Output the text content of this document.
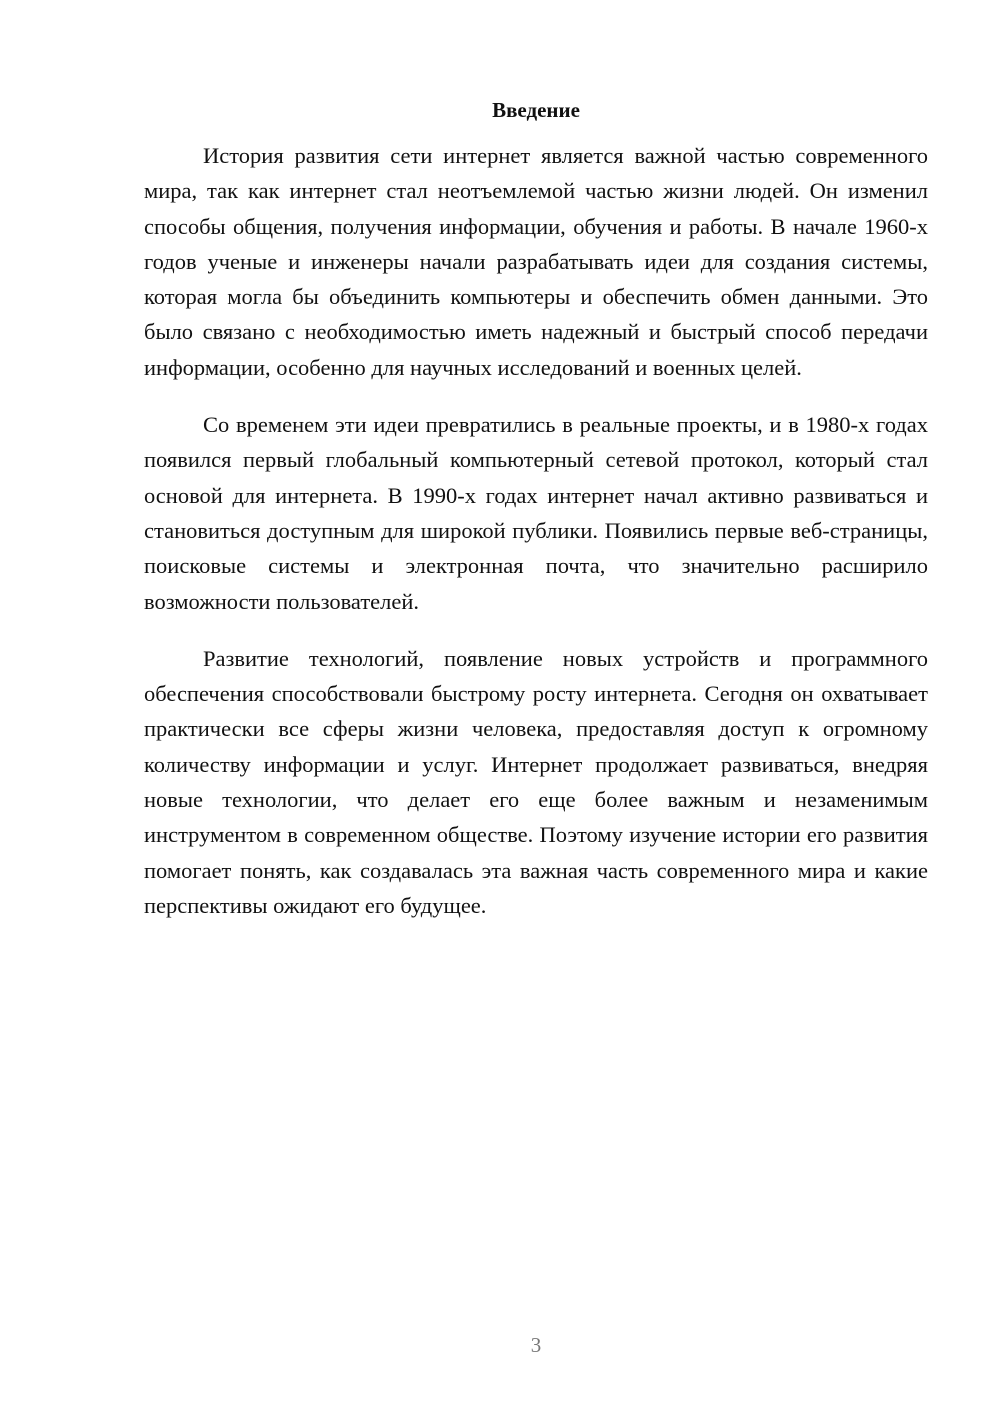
Введение

История развития сети интернет является важной частью современного мира, так как интернет стал неотъемлемой частью жизни людей. Он изменил способы общения, получения информации, обучения и работы. В начале 1960-х годов ученые и инженеры начали разрабатывать идеи для создания системы, которая могла бы объединить компьютеры и обеспечить обмен данными. Это было связано с необходимостью иметь надежный и быстрый способ передачи информации, особенно для научных исследований и военных целей.

Со временем эти идеи превратились в реальные проекты, и в 1980-х годах появился первый глобальный компьютерный сетевой протокол, который стал основой для интернета. В 1990-х годах интернет начал активно развиваться и становиться доступным для широкой публики. Появились первые веб-страницы, поисковые системы и электронная почта, что значительно расширило возможности пользователей.

Развитие технологий, появление новых устройств и программного обеспечения способствовали быстрому росту интернета. Сегодня он охватывает практически все сферы жизни человека, предоставляя доступ к огромному количеству информации и услуг. Интернет продолжает развиваться, внедряя новые технологии, что делает его еще более важным и незаменимым инструментом в современном обществе. Поэтому изучение истории его развития помогает понять, как создавалась эта важная часть современного мира и какие перспективы ожидают его будущее.

3
